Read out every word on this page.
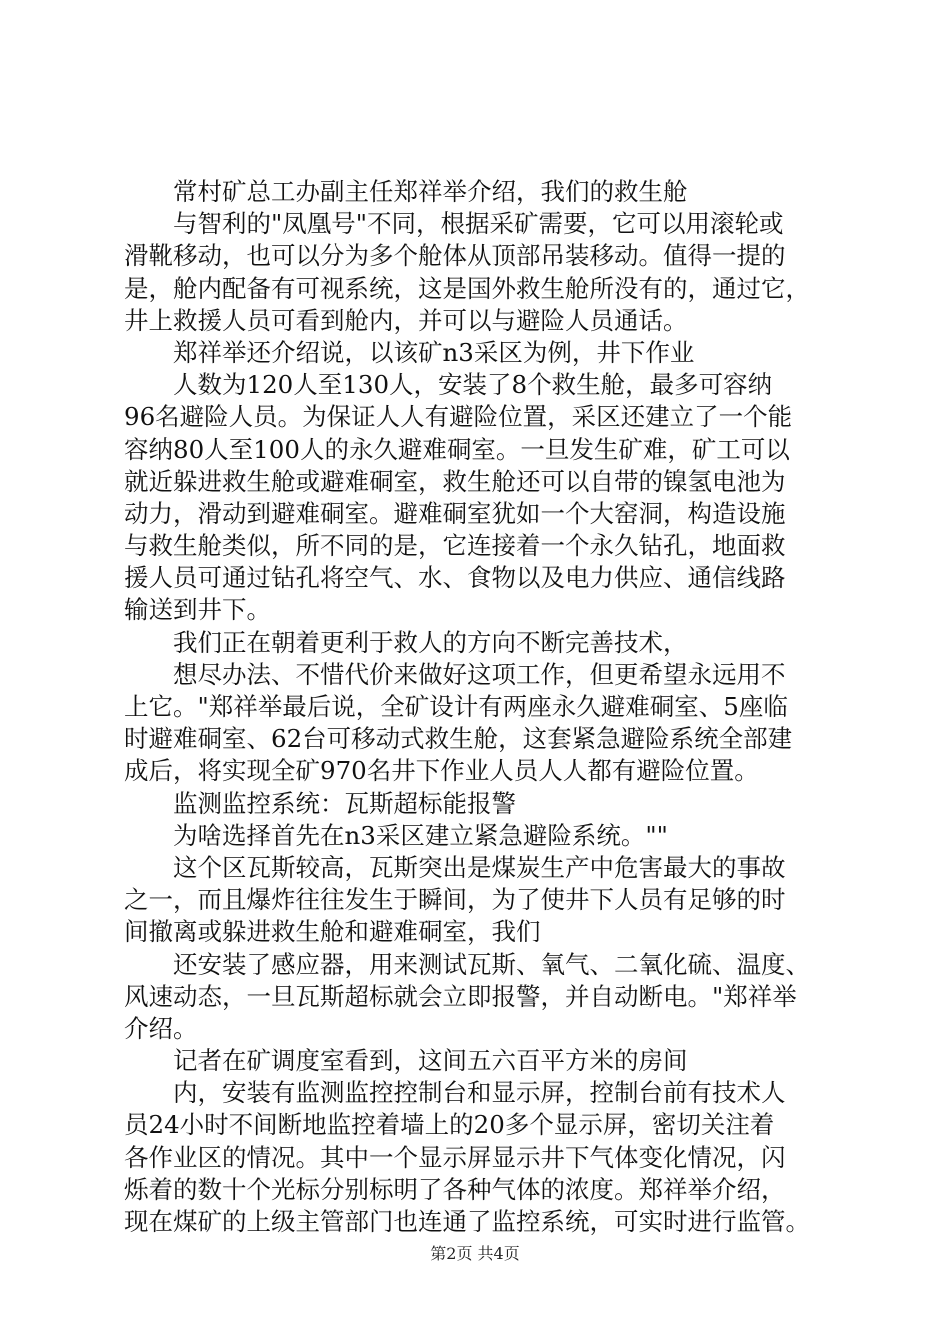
常村矿总工办副主任郑祥举介绍，我们的救生舱
与智利的"凤凰号"不同，根据采矿需要，它可以用滚轮或
滑靴移动，也可以分为多个舱体从顶部吊装移动。值得一提的
是，舱内配备有可视系统，这是国外救生舱所没有的，通过它，
井上救援人员可看到舱内，并可以与避险人员通话。
郑祥举还介绍说，以该矿n3采区为例，井下作业
人数为120人至130人，安装了8个救生舱，最多可容纳
96名避险人员。为保证人人有避险位置，采区还建立了一个能
容纳80人至100人的永久避难硐室。一旦发生矿难，矿工可以
就近躲进救生舱或避难硐室，救生舱还可以自带的镍氢电池为
动力，滑动到避难硐室。避难硐室犹如一个大窑洞，构造设施
与救生舱类似，所不同的是，它连接着一个永久钻孔，地面救
援人员可通过钻孔将空气、水、食物以及电力供应、通信线路
输送到井下。
我们正在朝着更利于救人的方向不断完善技术，
想尽办法、不惜代价来做好这项工作，但更希望永远用不
上它。"郑祥举最后说，全矿设计有两座永久避难硐室、5座临
时避难硐室、62台可移动式救生舱，这套紧急避险系统全部建
成后，将实现全矿970名井下作业人员人人都有避险位置。
监测监控系统：瓦斯超标能报警
为啥选择首先在n3采区建立紧急避险系统。""
这个区瓦斯较高，瓦斯突出是煤炭生产中危害最大的事故
之一，而且爆炸往往发生于瞬间，为了使井下人员有足够的时
间撤离或躲进救生舱和避难硐室，我们
还安装了感应器，用来测试瓦斯、氧气、二氧化硫、温度、
风速动态，一旦瓦斯超标就会立即报警，并自动断电。"郑祥举
介绍。
记者在矿调度室看到，这间五六百平方米的房间
内，安装有监测监控控制台和显示屏，控制台前有技术人
员24小时不间断地监控着墙上的20多个显示屏，密切关注着
各作业区的情况。其中一个显示屏显示井下气体变化情况，闪
烁着的数十个光标分别标明了各种气体的浓度。郑祥举介绍，
现在煤矿的上级主管部门也连通了监控系统，可实时进行监管。
第2页 共4页
